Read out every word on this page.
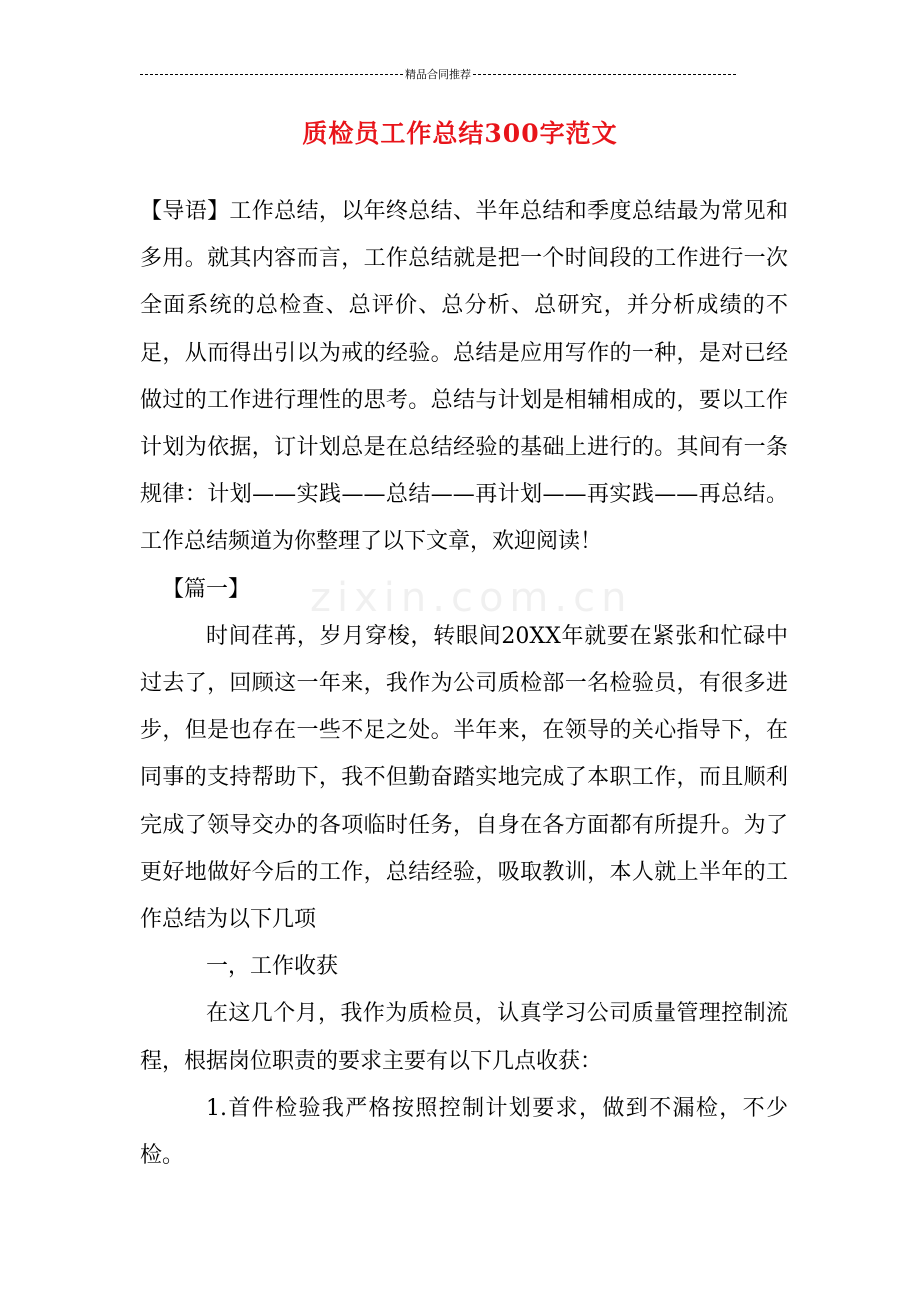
精品合同推荐
质检员工作总结300字范文
zixin.com.cn

【导语】工作总结，以年终总结、半年总结和季度总结最为常见和多用。就其内容而言，工作总结就是把一个时间段的工作进行一次全面系统的总检查、总评价、总分析、总研究，并分析成绩的不足，从而得出引以为戒的经验。总结是应用写作的一种，是对已经做过的工作进行理性的思考。总结与计划是相辅相成的，要以工作计划为依据，订计划总是在总结经验的基础上进行的。其间有一条规律：计划——实践——总结——再计划——再实践——再总结。工作总结频道为你整理了以下文章，欢迎阅读！

【篇一】

时间荏苒，岁月穿梭，转眼间20XX年就要在紧张和忙碌中过去了，回顾这一年来，我作为公司质检部一名检验员，有很多进步，但是也存在一些不足之处。半年来，在领导的关心指导下，在同事的支持帮助下，我不但勤奋踏实地完成了本职工作，而且顺利完成了领导交办的各项临时任务，自身在各方面都有所提升。为了更好地做好今后的工作，总结经验，吸取教训，本人就上半年的工作总结为以下几项

一，工作收获

在这几个月，我作为质检员，认真学习公司质量管理控制流程，根据岗位职责的要求主要有以下几点收获：

1.首件检验我严格按照控制计划要求，做到不漏检，不少检。
